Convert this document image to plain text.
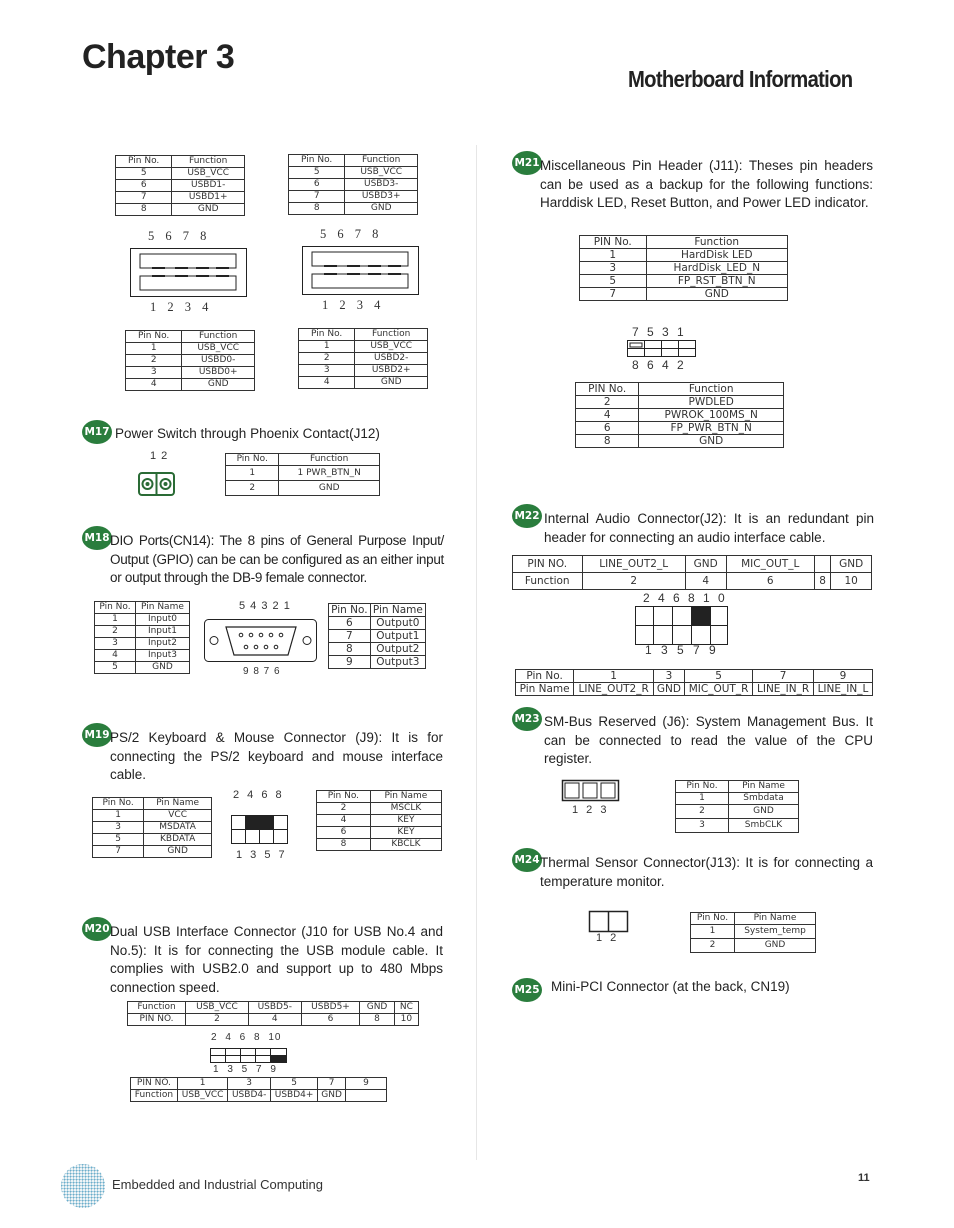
Chapter 3
Motherboard Information
Pin No.	Function
5	USB_VCC
6	USBD1-
7	USBD1+
8	GND
Pin No.	Function
5	USB_VCC
6	USBD3-
7	USBD3+
8	GND
5 6 7 8	5 6 7 8
1 2 3 4	1 2 3 4
Pin No.	Function
1	USB_VCC
2	USBD0-
3	USBD0+
4	GND
Pin No.	Function
1	USB_VCC
2	USBD2-
3	USBD2+
4	GND
M17 Power Switch through Phoenix Contact(J12)
1 2	Pin No.	Function
1	1 PWR_BTN_N
2	GND
M18 DIO Ports(CN14): The 8 pins of General Purpose Input/ Output (GPIO) can be can be configured as an either input or output through the DB-9 female connector.
Pin No.	Pin Name
1	Input0
2	Input1
3	Input2
4	Input3
5	GND
5 4 3 2 1
9 8 7 6
Pin No.	Pin Name
6	Output0
7	Output1
8	Output2
9	Output3
M19 PS/2 Keyboard & Mouse Connector (J9): It is for connecting the PS/2 keyboard and mouse interface cable.
Pin No.	Pin Name
1	VCC
3	MSDATA
5	KBDATA
7	GND
2 4 6 8
1 3 5 7
Pin No.	Pin Name
2	MSCLK
4	KEY
6	KEY
8	KBCLK
M20 Dual USB Interface Connector (J10 for USB No.4 and No.5): It is for connecting the USB module cable. It complies with USB2.0 and support up to 480 Mbps connection speed.
Function	USB_VCC	USBD5-	USBD5+	GND	NC
PIN NO.	2	4	6	8	10
2 4 6 8 10
1 3 5 7 9
PIN NO.	1	3	5	7	9
Function	USB_VCC	USBD4-	USBD4+	GND	
M21 Miscellaneous Pin Header (J11): Theses pin headers can be used as a backup for the following functions: Harddisk LED, Reset Button, and Power LED indicator.
PIN No.	Function
1	HardDisk LED
3	HardDisk_LED_N
5	FP_RST_BTN_N
7	GND
7 5 3 1
8 6 4 2
PIN No.	Function
2	PWDLED
4	PWROK_100MS_N
6	FP_PWR_BTN_N
8	GND
M22 Internal Audio Connector(J2): It is an redundant pin header for connecting an audio interface cable.
PIN NO.	LINE_OUT2_L	GND	MIC_OUT_L		GND
Function	2	4	6	8	10
2 4 6 8 1 0
1 3 5 7 9
Pin No.	1	3	5	7	9
Pin Name	LINE_OUT2_R	GND	MIC_OUT_R	LINE_IN_R	LINE_IN_L
M23 SM-Bus Reserved (J6): System Management Bus. It can be connected to read the value of the CPU register.
1 2 3
Pin No.	Pin Name
1	Smbdata
2	GND
3	SmbCLK
M24 Thermal Sensor Connector(J13): It is for connecting a temperature monitor.
1 2
Pin No.	Pin Name
1	System_temp
2	GND
M25 Mini-PCI Connector (at the back, CN19)
Embedded and Industrial Computing	11
